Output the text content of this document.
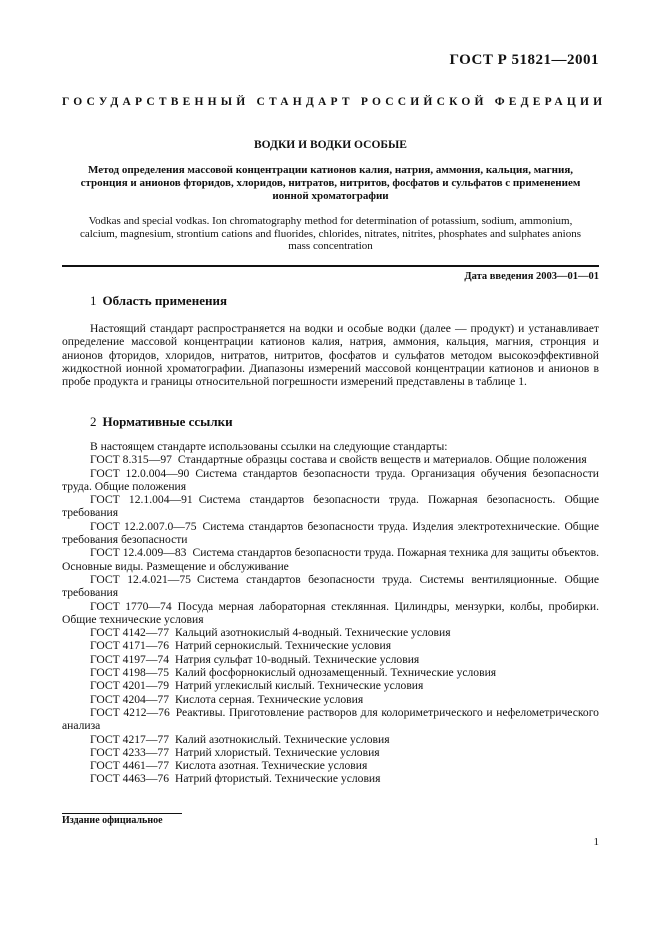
ГОСТ Р 51821—2001
ГОСУДАРСТВЕННЫЙ СТАНДАРТ РОССИЙСКОЙ ФЕДЕРАЦИИ
ВОДКИ И ВОДКИ ОСОБЫЕ
Метод определения массовой концентрации катионов калия, натрия, аммония, кальция, магния, стронция и анионов фторидов, хлоридов, нитратов, нитритов, фосфатов и сульфатов с применением ионной хроматографии
Vodkas and special vodkas. Ion chromatography method for determination of potassium, sodium, ammonium, calcium, magnesium, strontium cations and fluorides, chlorides, nitrates, nitrites, phosphates and sulphates anions mass concentration
Дата введения 2003—01—01
1 Область применения
Настоящий стандарт распространяется на водки и особые водки (далее — продукт) и устанавливает определение массовой концентрации катионов калия, натрия, аммония, кальция, магния, стронция и анионов фторидов, хлоридов, нитратов, нитритов, фосфатов и сульфатов методом высокоэффективной жидкостной ионной хроматографии. Диапазоны измерений массовой концентрации катионов и анионов в пробе продукта и границы относительной погрешности измерений представлены в таблице 1.
2 Нормативные ссылки

В настоящем стандарте использованы ссылки на следующие стандарты:

ГОСТ 8.315—97 Стандартные образцы состава и свойств веществ и материалов. Общие положения

ГОСТ 12.0.004—90 Система стандартов безопасности труда. Организация обучения безопасности труда. Общие положения

ГОСТ 12.1.004—91 Система стандартов безопасности труда. Пожарная безопасность. Общие требования

ГОСТ 12.2.007.0—75 Система стандартов безопасности труда. Изделия электротехнические. Общие требования безопасности

ГОСТ 12.4.009—83 Система стандартов безопасности труда. Пожарная техника для защиты объектов. Основные виды. Размещение и обслуживание

ГОСТ 12.4.021—75 Система стандартов безопасности труда. Системы вентиляционные. Общие требования

ГОСТ 1770—74 Посуда мерная лабораторная стеклянная. Цилиндры, мензурки, колбы, пробирки. Общие технические условия

ГОСТ 4142—77 Кальций азотнокислый 4-водный. Технические условия

ГОСТ 4171—76 Натрий сернокислый. Технические условия

ГОСТ 4197—74 Натрия сульфат 10-водный. Технические условия

ГОСТ 4198—75 Калий фосфорнокислый однозамещенный. Технические условия

ГОСТ 4201—79 Натрий углекислый кислый. Технические условия

ГОСТ 4204—77 Кислота серная. Технические условия

ГОСТ 4212—76 Реактивы. Приготовление растворов для колориметрического и нефелометрического анализа

ГОСТ 4217—77 Калий азотнокислый. Технические условия

ГОСТ 4233—77 Натрий хлористый. Технические условия

ГОСТ 4461—77 Кислота азотная. Технические условия

ГОСТ 4463—76 Натрий фтористый. Технические условия

Издание официальное
1
